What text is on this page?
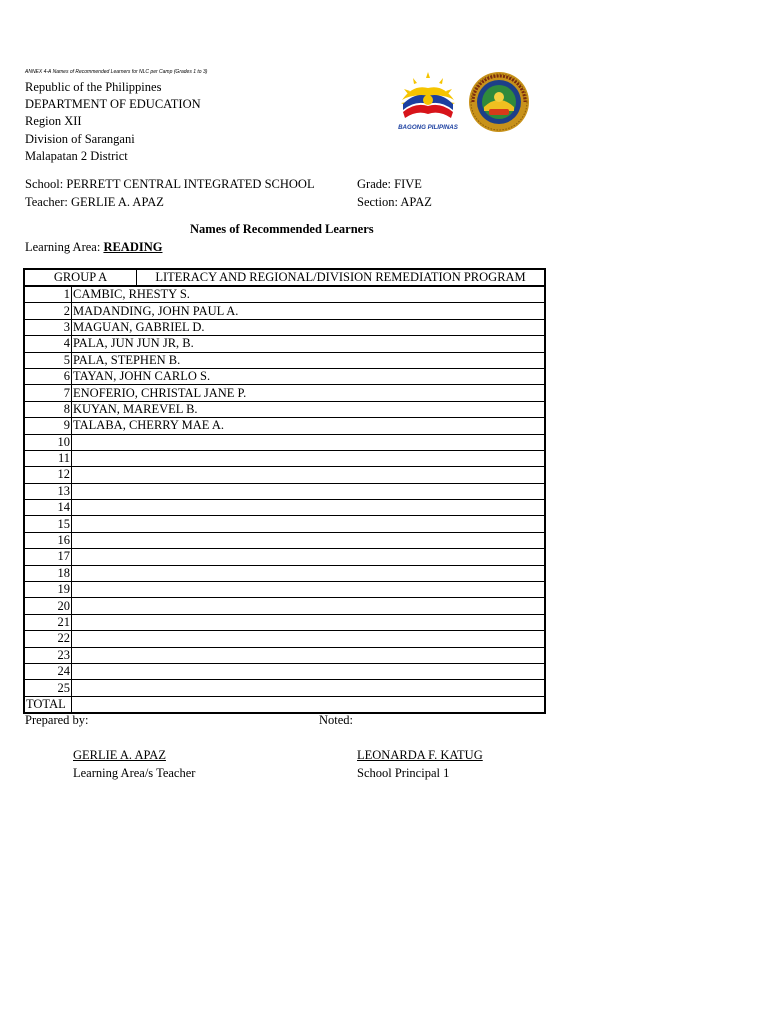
ANNEX 4-A Names of Recommended Learners for NLC per Camp (Grades 1 to 3)
Republic of the Philippines
DEPARTMENT OF EDUCATION
Region XII
Division of Sarangani
Malapatan 2 District
BAGONG PILIPINAS
School: PERRETT CENTRAL INTEGRATED SCHOOL	Grade: FIVE
Teacher: GERLIE A. APAZ	Section: APAZ
Names of Recommended Learners
Learning Area: READING
GROUP A LITERACY AND REGIONAL/DIVISION REMEDIATION PROGRAM	

1	CAMBIC, RHESTY S.
2	MADANDING, JOHN PAUL A.
3	MAGUAN, GABRIEL D.
4	PALA, JUN JUN JR, B.
5	PALA, STEPHEN B.
6	TAYAN, JOHN CARLO S.
7	ENOFERIO, CHRISTAL JANE P.
8	KUYAN, MAREVEL B.
9	TALABA, CHERRY MAE A.
10	
11	
12	
13	
14	
15	
16	
17	
18	
19	
20	
21	
22	
23	
24	
25	
TOTAL	
Prepared by:	Noted:
GERLIE A. APAZ
Learning Area/s Teacher
LEONARDA F. KATUG
School Principal 1
